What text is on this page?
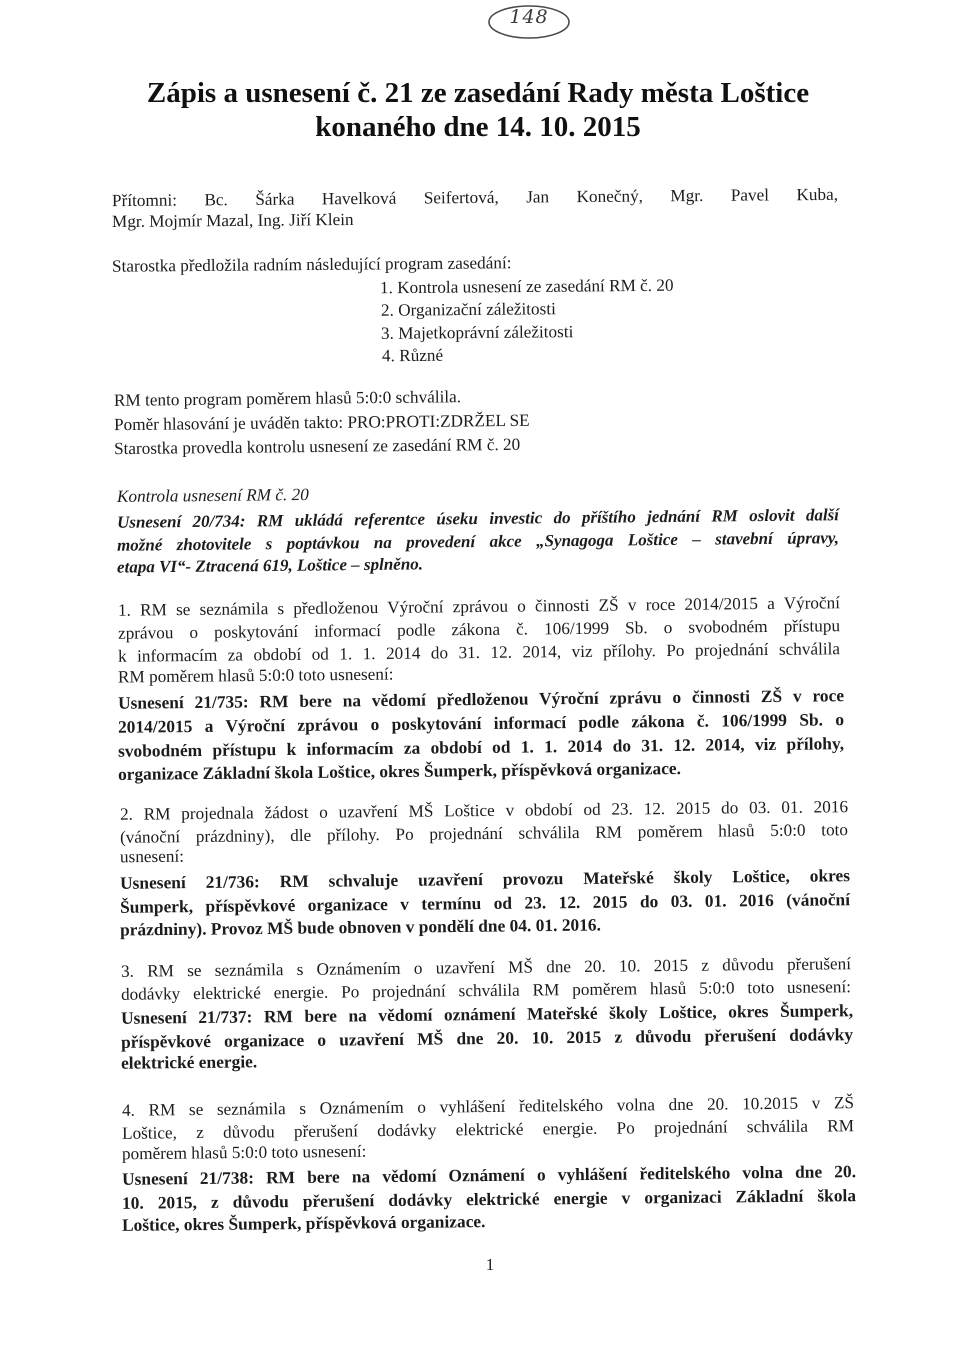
148
Zápis a usnesení č. 21 ze zasedání Rady města Loštice
konaného dne 14. 10. 2015
Přítomni: Bc. Šárka Havelková Seifertová, Jan Konečný, Mgr. Pavel Kuba,
Mgr. Mojmír Mazal, Ing. Jiří Klein
Starostka předložila radním následující program zasedání:
1. Kontrola usnesení ze zasedání RM č. 20
2. Organizační záležitosti
3. Majetkoprávní záležitosti
4. Různé
RM tento program poměrem hlasů 5:0:0 schválila.
Poměr hlasování je uváděn takto: PRO:PROTI:ZDRŽEL SE
Starostka provedla kontrolu usnesení ze zasedání RM č. 20
Kontrola usnesení RM č. 20
Usnesení 20/734: RM ukládá referentce úseku investic do příštího jednání RM oslovit další
možné zhotovitele s poptávkou na provedení akce „Synagoga Loštice – stavební úpravy,
etapa VI“- Ztracená 619, Loštice – splněno.
1. RM se seznámila s předloženou Výroční zprávou o činnosti ZŠ v roce 2014/2015 a Výroční
zprávou o poskytování informací podle zákona č. 106/1999 Sb. o svobodném přístupu
k informacím za období od 1. 1. 2014 do 31. 12. 2014, viz přílohy. Po projednání schválila
RM poměrem hlasů 5:0:0 toto usnesení:
Usnesení 21/735: RM bere na vědomí předloženou Výroční zprávu o činnosti ZŠ v roce
2014/2015 a Výroční zprávou o poskytování informací podle zákona č. 106/1999 Sb. o
svobodném přístupu k informacím za období od 1. 1. 2014 do 31. 12. 2014, viz přílohy,
organizace Základní škola Loštice, okres Šumperk, příspěvková organizace.
2. RM projednala žádost o uzavření MŠ Loštice v období od 23. 12. 2015 do 03. 01. 2016
(vánoční prázdniny), dle přílohy. Po projednání schválila RM poměrem hlasů 5:0:0 toto
usnesení:
Usnesení 21/736: RM schvaluje uzavření provozu Mateřské školy Loštice, okres
Šumperk, příspěvkové organizace v termínu od 23. 12. 2015 do 03. 01. 2016 (vánoční
prázdniny). Provoz MŠ bude obnoven v pondělí dne 04. 01. 2016.
3. RM se seznámila s Oznámením o uzavření MŠ dne 20. 10. 2015 z důvodu přerušení
dodávky elektrické energie. Po projednání schválila RM poměrem hlasů 5:0:0 toto usnesení:
Usnesení 21/737: RM bere na vědomí oznámení Mateřské školy Loštice, okres Šumperk,
příspěvkové organizace o uzavření MŠ dne 20. 10. 2015 z důvodu přerušení dodávky
elektrické energie.
4. RM se seznámila s Oznámením o vyhlášení ředitelského volna dne 20. 10.2015 v ZŠ
Loštice, z důvodu přerušení dodávky elektrické energie. Po projednání schválila RM
poměrem hlasů 5:0:0 toto usnesení:
Usnesení 21/738: RM bere na vědomí Oznámení o vyhlášení ředitelského volna dne 20.
10. 2015, z důvodu přerušení dodávky elektrické energie v organizaci Základní škola
Loštice, okres Šumperk, příspěvková organizace.
1
